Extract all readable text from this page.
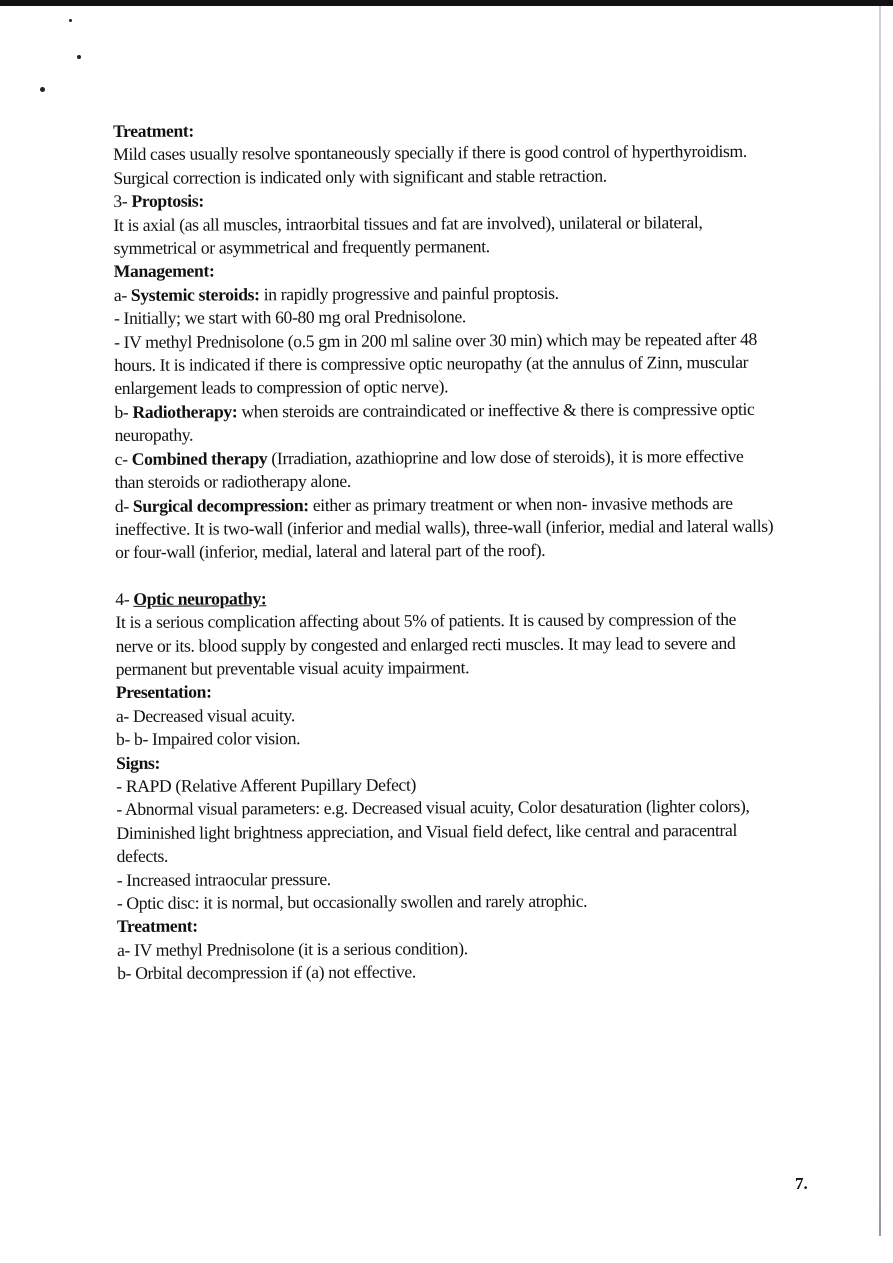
Treatment:

Mild cases usually resolve spontaneously specially if there is good control of hyperthyroidism.

Surgical correction is indicated only with significant and stable retraction.

3- Proptosis:

It is axial (as all muscles, intraorbital tissues and fat are involved), unilateral or bilateral, symmetrical or asymmetrical and frequently permanent.

Management:

a- Systemic steroids: in rapidly progressive and painful proptosis.

- Initially; we start with 60-80 mg oral Prednisolone.

- IV methyl Prednisolone (o.5 gm in 200 ml saline over 30 min) which may be repeated after 48 hours. It is indicated if there is compressive optic neuropathy (at the annulus of Zinn, muscular enlargement leads to compression of optic nerve).

b- Radiotherapy: when steroids are contraindicated or ineffective & there is compressive optic neuropathy.

c- Combined therapy (Irradiation, azathioprine and low dose of steroids), it is more effective than steroids or radiotherapy alone.

d- Surgical decompression: either as primary treatment or when non- invasive methods are ineffective. It is two-wall (inferior and medial walls), three-wall (inferior, medial and lateral walls) or four-wall (inferior, medial, lateral and lateral part of the roof).

4- Optic neuropathy:

It is a serious complication affecting about 5% of patients. It is caused by compression of the nerve or its. blood supply by congested and enlarged recti muscles. It may lead to severe and permanent but preventable visual acuity impairment.

Presentation:

a- Decreased visual acuity.

b- b- Impaired color vision.

Signs:

- RAPD (Relative Afferent Pupillary Defect)

- Abnormal visual parameters: e.g. Decreased visual acuity, Color desaturation (lighter colors), Diminished light brightness appreciation, and Visual field defect, like central and paracentral defects.

- Increased intraocular pressure.

- Optic disc: it is normal, but occasionally swollen and rarely atrophic.

Treatment:

a- IV methyl Prednisolone (it is a serious condition).

b- Orbital decompression if (a) not effective.

7.
